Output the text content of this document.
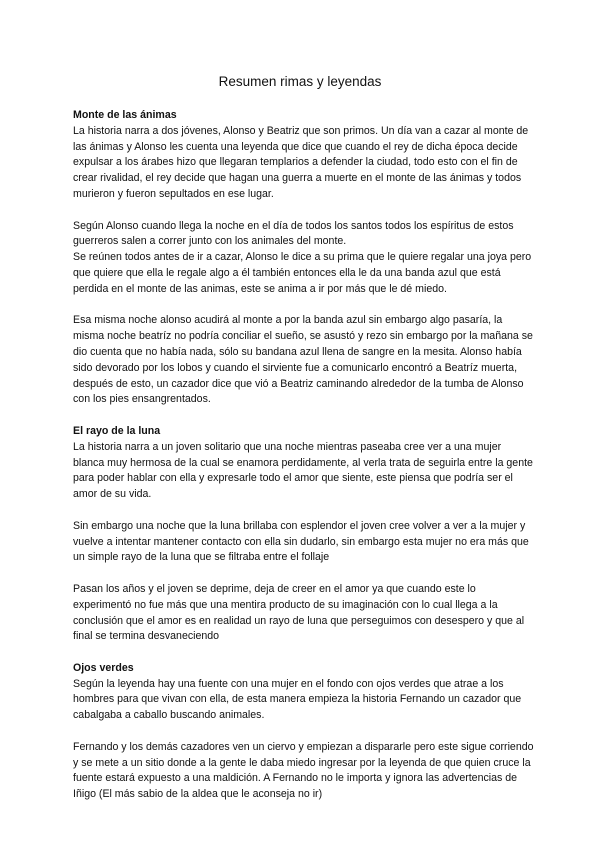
Resumen rimas y leyendas

Monte de las ánimas

La historia narra a dos jóvenes, Alonso y Beatriz que son primos. Un día van a cazar al monte de las ánimas y Alonso les cuenta una leyenda que dice que cuando el rey de dicha época decide expulsar a los árabes hizo que llegaran templarios a defender la ciudad, todo esto con el fin de crear rivalidad, el rey decide que hagan una guerra a muerte en el monte de las ánimas y todos murieron y fueron sepultados en ese lugar.

Según Alonso cuando llega la noche en el día de todos los santos todos los espíritus de estos guerreros salen a correr junto con los animales del monte.

Se reúnen todos antes de ir a cazar, Alonso le dice a su prima que le quiere regalar una joya pero que quiere que ella le regale algo a él también entonces ella le da una banda azul que está perdida en el monte de las animas, este se anima a ir por más que le dé miedo.

Esa misma noche alonso acudirá al monte a por la banda azul sin embargo algo pasaría, la misma noche beatríz no podría conciliar el sueño, se asustó y rezo sin embargo por la mañana se dio cuenta que no había nada, sólo su bandana azul llena de sangre en la mesita. Alonso había sido devorado por los lobos y cuando el sirviente fue a comunicarlo encontró a Beatríz muerta, después de esto, un cazador dice que vió a Beatriz caminando alrededor de la tumba de Alonso con los pies ensangrentados.

El rayo de la luna

La historia narra a un joven solitario que una noche mientras paseaba cree ver a una mujer blanca muy hermosa de la cual se enamora perdidamente, al verla trata de seguirla entre la gente para poder hablar con ella y expresarle todo el amor que siente, este piensa que podría ser el amor de su vida.

Sin embargo una noche que la luna brillaba con esplendor el joven cree volver a ver a la mujer y vuelve a intentar mantener contacto con ella sin dudarlo, sin embargo esta mujer no era más que un simple rayo de la luna que se filtraba entre el follaje

Pasan los años y el joven se deprime, deja de creer en el amor ya que cuando este lo experimentó no fue más que una mentira producto de su imaginación con lo cual llega a la conclusión que el amor es en realidad un rayo de luna que perseguimos con desespero y que al final se termina desvaneciendo

Ojos verdes

Según la leyenda hay una fuente con una mujer en el fondo con ojos verdes que atrae a los hombres para que vivan con ella, de esta manera empieza la historia Fernando un cazador que cabalgaba a caballo buscando animales.

Fernando y los demás cazadores ven un ciervo y empiezan a dispararle pero este sigue corriendo y se mete a un sitio donde a la gente le daba miedo ingresar por la leyenda de que quien cruce la fuente estará expuesto a una maldición. A Fernando no le importa y ignora las advertencias de Iñigo (El más sabio de la aldea que le aconseja no ir)
